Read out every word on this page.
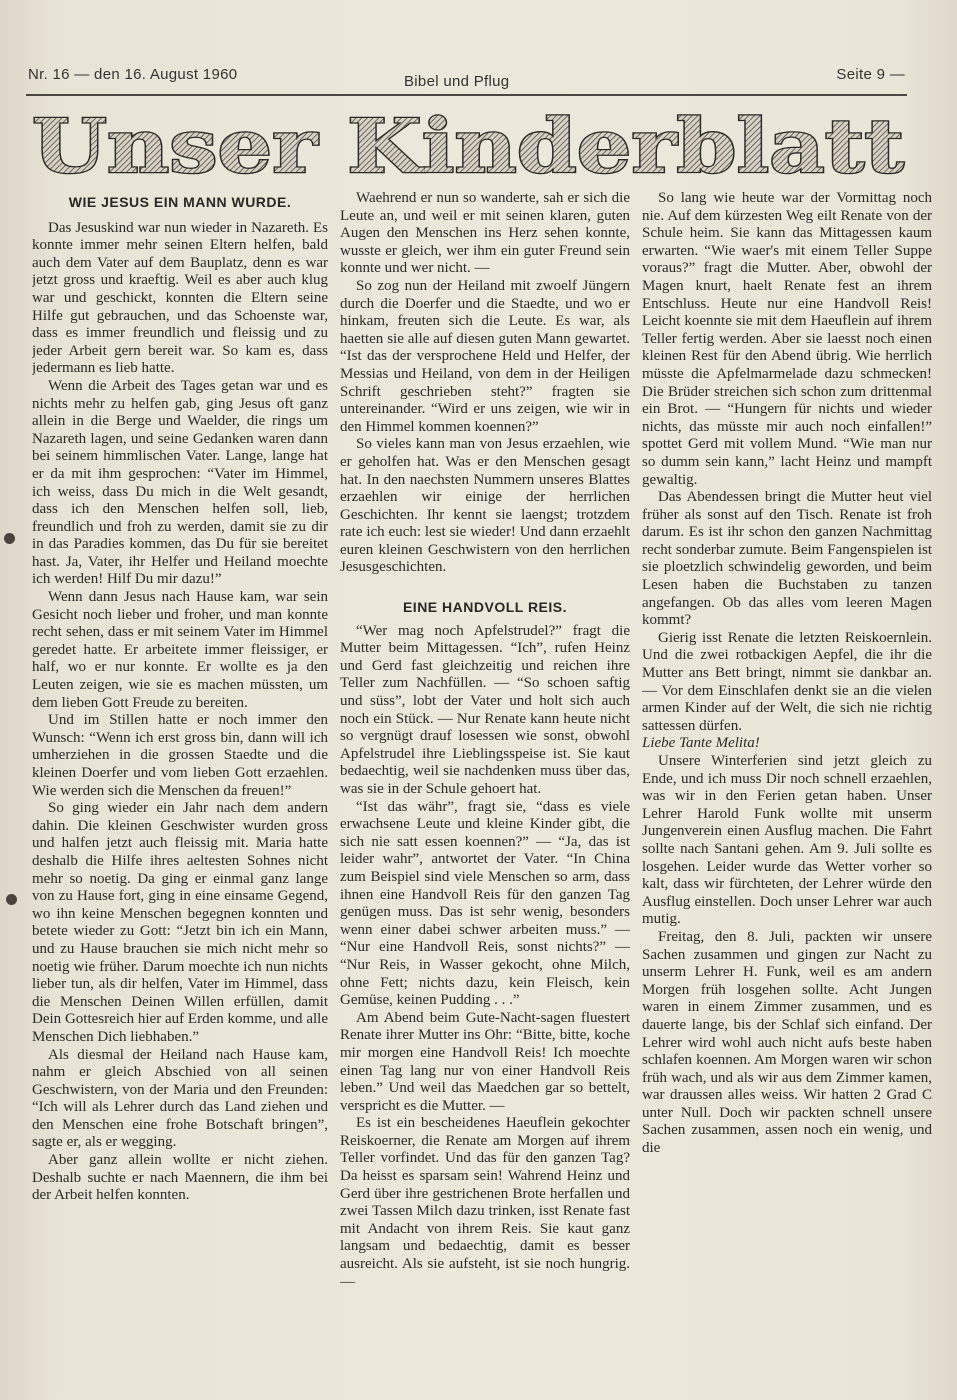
Nr. 16 — den 16. August 1960	Bibel und Pflug	Seite 9 —
Unser Kinderblatt
WIE JESUS EIN MANN WURDE.

Das Jesuskind war nun wieder in Nazareth. Es konnte immer mehr seinen Eltern helfen, bald auch dem Vater auf dem Bauplatz, denn es war jetzt gross und kraeftig. Weil es aber auch klug war und geschickt, konnten die Eltern seine Hilfe gut gebrauchen, und das Schoenste war, dass es immer freundlich und fleissig und zu jeder Arbeit gern bereit war. So kam es, dass jedermann es lieb hatte.

Wenn die Arbeit des Tages getan war und es nichts mehr zu helfen gab, ging Jesus oft ganz allein in die Berge und Waelder, die rings um Nazareth lagen, und seine Gedanken waren dann bei seinem himmlischen Vater. Lange, lange hat er da mit ihm gesprochen: “Vater im Himmel, ich weiss, dass Du mich in die Welt gesandt, dass ich den Menschen helfen soll, lieb, freundlich und froh zu werden, damit sie zu dir in das Paradies kommen, das Du für sie bereitet hast. Ja, Vater, ihr Helfer und Heiland moechte ich werden! Hilf Du mir dazu!”

Wenn dann Jesus nach Hause kam, war sein Gesicht noch lieber und froher, und man konnte recht sehen, dass er mit seinem Vater im Himmel geredet hatte. Er arbeitete immer fleissiger, er half, wo er nur konnte. Er wollte es ja den Leuten zeigen, wie sie es machen müssten, um dem lieben Gott Freude zu bereiten.

Und im Stillen hatte er noch immer den Wunsch: “Wenn ich erst gross bin, dann will ich umherziehen in die grossen Staedte und die kleinen Doerfer und vom lieben Gott erzaehlen. Wie werden sich die Menschen da freuen!”

So ging wieder ein Jahr nach dem andern dahin. Die kleinen Geschwister wurden gross und halfen jetzt auch fleissig mit. Maria hatte deshalb die Hilfe ihres aeltesten Sohnes nicht mehr so noetig. Da ging er einmal ganz lange von zu Hause fort, ging in eine einsame Gegend, wo ihn keine Menschen begegnen konnten und betete wieder zu Gott: “Jetzt bin ich ein Mann, und zu Hause brauchen sie mich nicht mehr so noetig wie früher. Darum moechte ich nun nichts lieber tun, als dir helfen, Vater im Himmel, dass die Menschen Deinen Willen erfüllen, damit Dein Gottesreich hier auf Erden komme, und alle Menschen Dich liebhaben.”

Als diesmal der Heiland nach Hause kam, nahm er gleich Abschied von all seinen Geschwistern, von der Maria und den Freunden: “Ich will als Lehrer durch das Land ziehen und den Menschen eine frohe Botschaft bringen”, sagte er, als er wegging.

Aber ganz allein wollte er nicht ziehen. Deshalb suchte er nach Maennern, die ihm bei der Arbeit helfen konnten.

Waehrend er nun so wanderte, sah er sich die Leute an, und weil er mit seinen klaren, guten Augen den Menschen ins Herz sehen konnte, wusste er gleich, wer ihm ein guter Freund sein konnte und wer nicht. —

So zog nun der Heiland mit zwoelf Jüngern durch die Doerfer und die Staedte, und wo er hinkam, freuten sich die Leute. Es war, als haetten sie alle auf diesen guten Mann gewartet. “Ist das der versprochene Held und Helfer, der Messias und Heiland, von dem in der Heiligen Schrift geschrieben steht?” fragten sie untereinander. “Wird er uns zeigen, wie wir in den Himmel kommen koennen?”

So vieles kann man von Jesus erzaehlen, wie er geholfen hat. Was er den Menschen gesagt hat. In den naechsten Nummern unseres Blattes erzaehlen wir einige der herrlichen Geschichten. Ihr kennt sie laengst; trotzdem rate ich euch: lest sie wieder! Und dann erzaehlt euren kleinen Geschwistern von den herrlichen Jesusgeschichten.

EINE HANDVOLL REIS.

“Wer mag noch Apfelstrudel?” fragt die Mutter beim Mittagessen. “Ich”, rufen Heinz und Gerd fast gleichzeitig und reichen ihre Teller zum Nachfüllen. — “So schoen saftig und süss”, lobt der Vater und holt sich auch noch ein Stück. — Nur Renate kann heute nicht so vergnügt drauf losessen wie sonst, obwohl Apfelstrudel ihre Lieblingsspeise ist. Sie kaut bedaechtig, weil sie nachdenken muss über das, was sie in der Schule gehoert hat.

“Ist das währ”, fragt sie, “dass es viele erwachsene Leute und kleine Kinder gibt, die sich nie satt essen koennen?” — “Ja, das ist leider wahr”, antwortet der Vater. “In China zum Beispiel sind viele Menschen so arm, dass ihnen eine Handvoll Reis für den ganzen Tag genügen muss. Das ist sehr wenig, besonders wenn einer dabei schwer arbeiten muss.” — “Nur eine Handvoll Reis, sonst nichts?” — “Nur Reis, in Wasser gekocht, ohne Milch, ohne Fett; nichts dazu, kein Fleisch, kein Gemüse, keinen Pudding . . .”

Am Abend beim Gute-Nacht-sagen fluestert Renate ihrer Mutter ins Ohr: “Bitte, bitte, koche mir morgen eine Handvoll Reis! Ich moechte einen Tag lang nur von einer Handvoll Reis leben.” Und weil das Maedchen gar so bettelt, verspricht es die Mutter. —

Es ist ein bescheidenes Haeuflein gekochter Reiskoerner, die Renate am Morgen auf ihrem Teller vorfindet. Und das für den ganzen Tag? Da heisst es sparsam sein! Wahrend Heinz und Gerd über ihre gestrichenen Brote herfallen und zwei Tassen Milch dazu trinken, isst Renate fast mit Andacht von ihrem Reis. Sie kaut ganz langsam und bedaechtig, damit es besser ausreicht. Als sie aufsteht, ist sie noch hungrig. —

So lang wie heute war der Vormittag noch nie. Auf dem kürzesten Weg eilt Renate von der Schule heim. Sie kann das Mittagessen kaum erwarten. “Wie waer's mit einem Teller Suppe voraus?” fragt die Mutter. Aber, obwohl der Magen knurt, haelt Renate fest an ihrem Entschluss. Heute nur eine Handvoll Reis! Leicht koennte sie mit dem Haeuflein auf ihrem Teller fertig werden. Aber sie laesst noch einen kleinen Rest für den Abend übrig. Wie herrlich müsste die Apfelmarmelade dazu schmecken! Die Brüder streichen sich schon zum drittenmal ein Brot. — “Hungern für nichts und wieder nichts, das müsste mir auch noch einfallen!” spottet Gerd mit vollem Mund. “Wie man nur so dumm sein kann,” lacht Heinz und mampft gewaltig.

Das Abendessen bringt die Mutter heut viel früher als sonst auf den Tisch. Renate ist froh darum. Es ist ihr schon den ganzen Nachmittag recht sonderbar zumute. Beim Fangenspielen ist sie ploetzlich schwindelig geworden, und beim Lesen haben die Buchstaben zu tanzen angefangen. Ob das alles vom leeren Magen kommt?

Gierig isst Renate die letzten Reiskoernlein. Und die zwei rotbackigen Aepfel, die ihr die Mutter ans Bett bringt, nimmt sie dankbar an. — Vor dem Einschlafen denkt sie an die vielen armen Kinder auf der Welt, die sich nie richtig sattessen dürfen.

Liebe Tante Melita!

Unsere Winterferien sind jetzt gleich zu Ende, und ich muss Dir noch schnell erzaehlen, was wir in den Ferien getan haben. Unser Lehrer Harold Funk wollte mit unserm Jungenverein einen Ausflug machen. Die Fahrt sollte nach Santani gehen. Am 9. Juli sollte es losgehen. Leider wurde das Wetter vorher so kalt, dass wir fürchteten, der Lehrer würde den Ausflug einstellen. Doch unser Lehrer war auch mutig.

Freitag, den 8. Juli, packten wir unsere Sachen zusammen und gingen zur Nacht zu unserm Lehrer H. Funk, weil es am andern Morgen früh losgehen sollte. Acht Jungen waren in einem Zimmer zusammen, und es dauerte lange, bis der Schlaf sich einfand. Der Lehrer wird wohl auch nicht aufs beste haben schlafen koennen. Am Morgen waren wir schon früh wach, und als wir aus dem Zimmer kamen, war draussen alles weiss. Wir hatten 2 Grad C unter Null. Doch wir packten schnell unsere Sachen zusammen, assen noch ein wenig, und die
